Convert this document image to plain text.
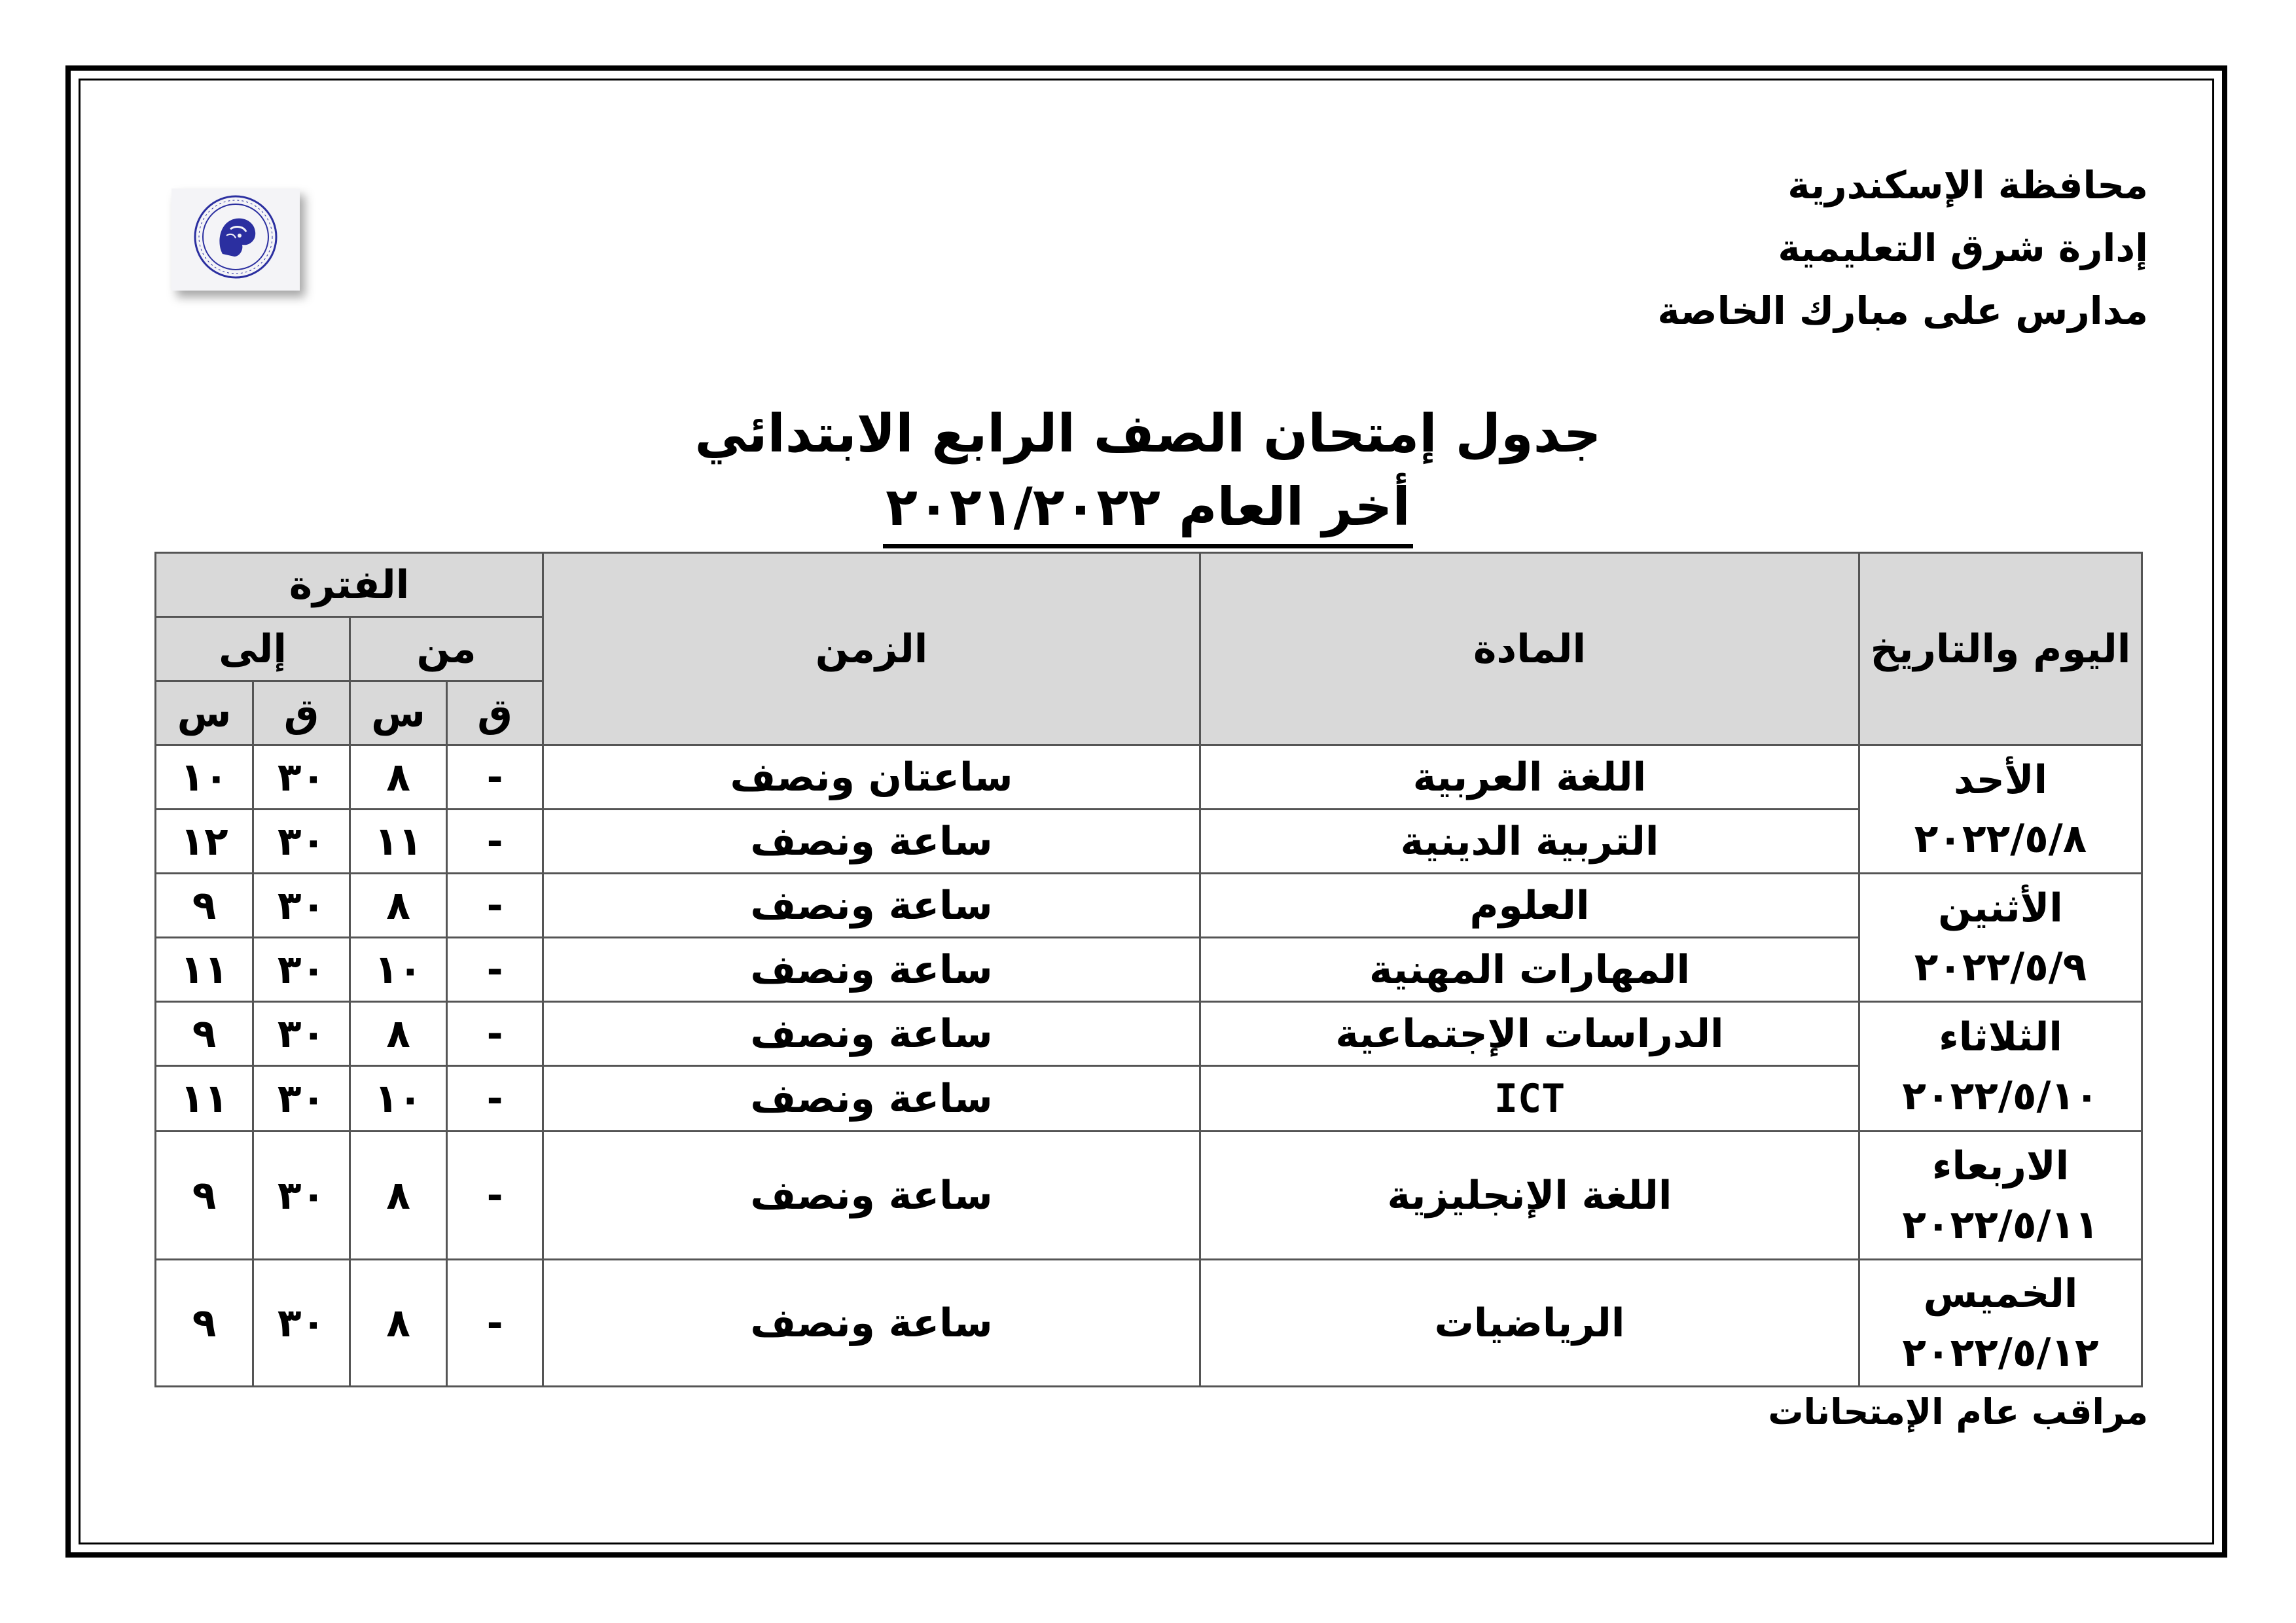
محافظة الإسكندرية
إدارة شرق التعليمية
مدارس على مبارك الخاصة
جدول إمتحان الصف الرابع الابتدائي
أخر العام ٢٠٢١/٢٠٢٢
اليوم والتاريخ	المادة	الزمن	الفترة			
			من		إلى	
			ق	س	ق	س

الأحد
٢٠٢٢/٥/٨	اللغة العربية	ساعتان ونصف	-	٨	٣٠	١٠
	التربية الدينية	ساعة ونصف	-	١١	٣٠	١٢

الأثنين
٢٠٢٢/٥/٩	العلوم	ساعة ونصف	-	٨	٣٠	٩
	المهارات المهنية	ساعة ونصف	-	١٠	٣٠	١١

الثلاثاء
٢٠٢٢/٥/١٠	الدراسات الإجتماعية	ساعة ونصف	-	٨	٣٠	٩
	ICT	ساعة ونصف	-	١٠	٣٠	١١

الاربعاء
٢٠٢٢/٥/١١	اللغة الإنجليزية	ساعة ونصف	-	٨	٣٠	٩

الخميس
٢٠٢٢/٥/١٢	الرياضيات	ساعة ونصف	-	٨	٣٠	٩
مراقب عام الإمتحانات
